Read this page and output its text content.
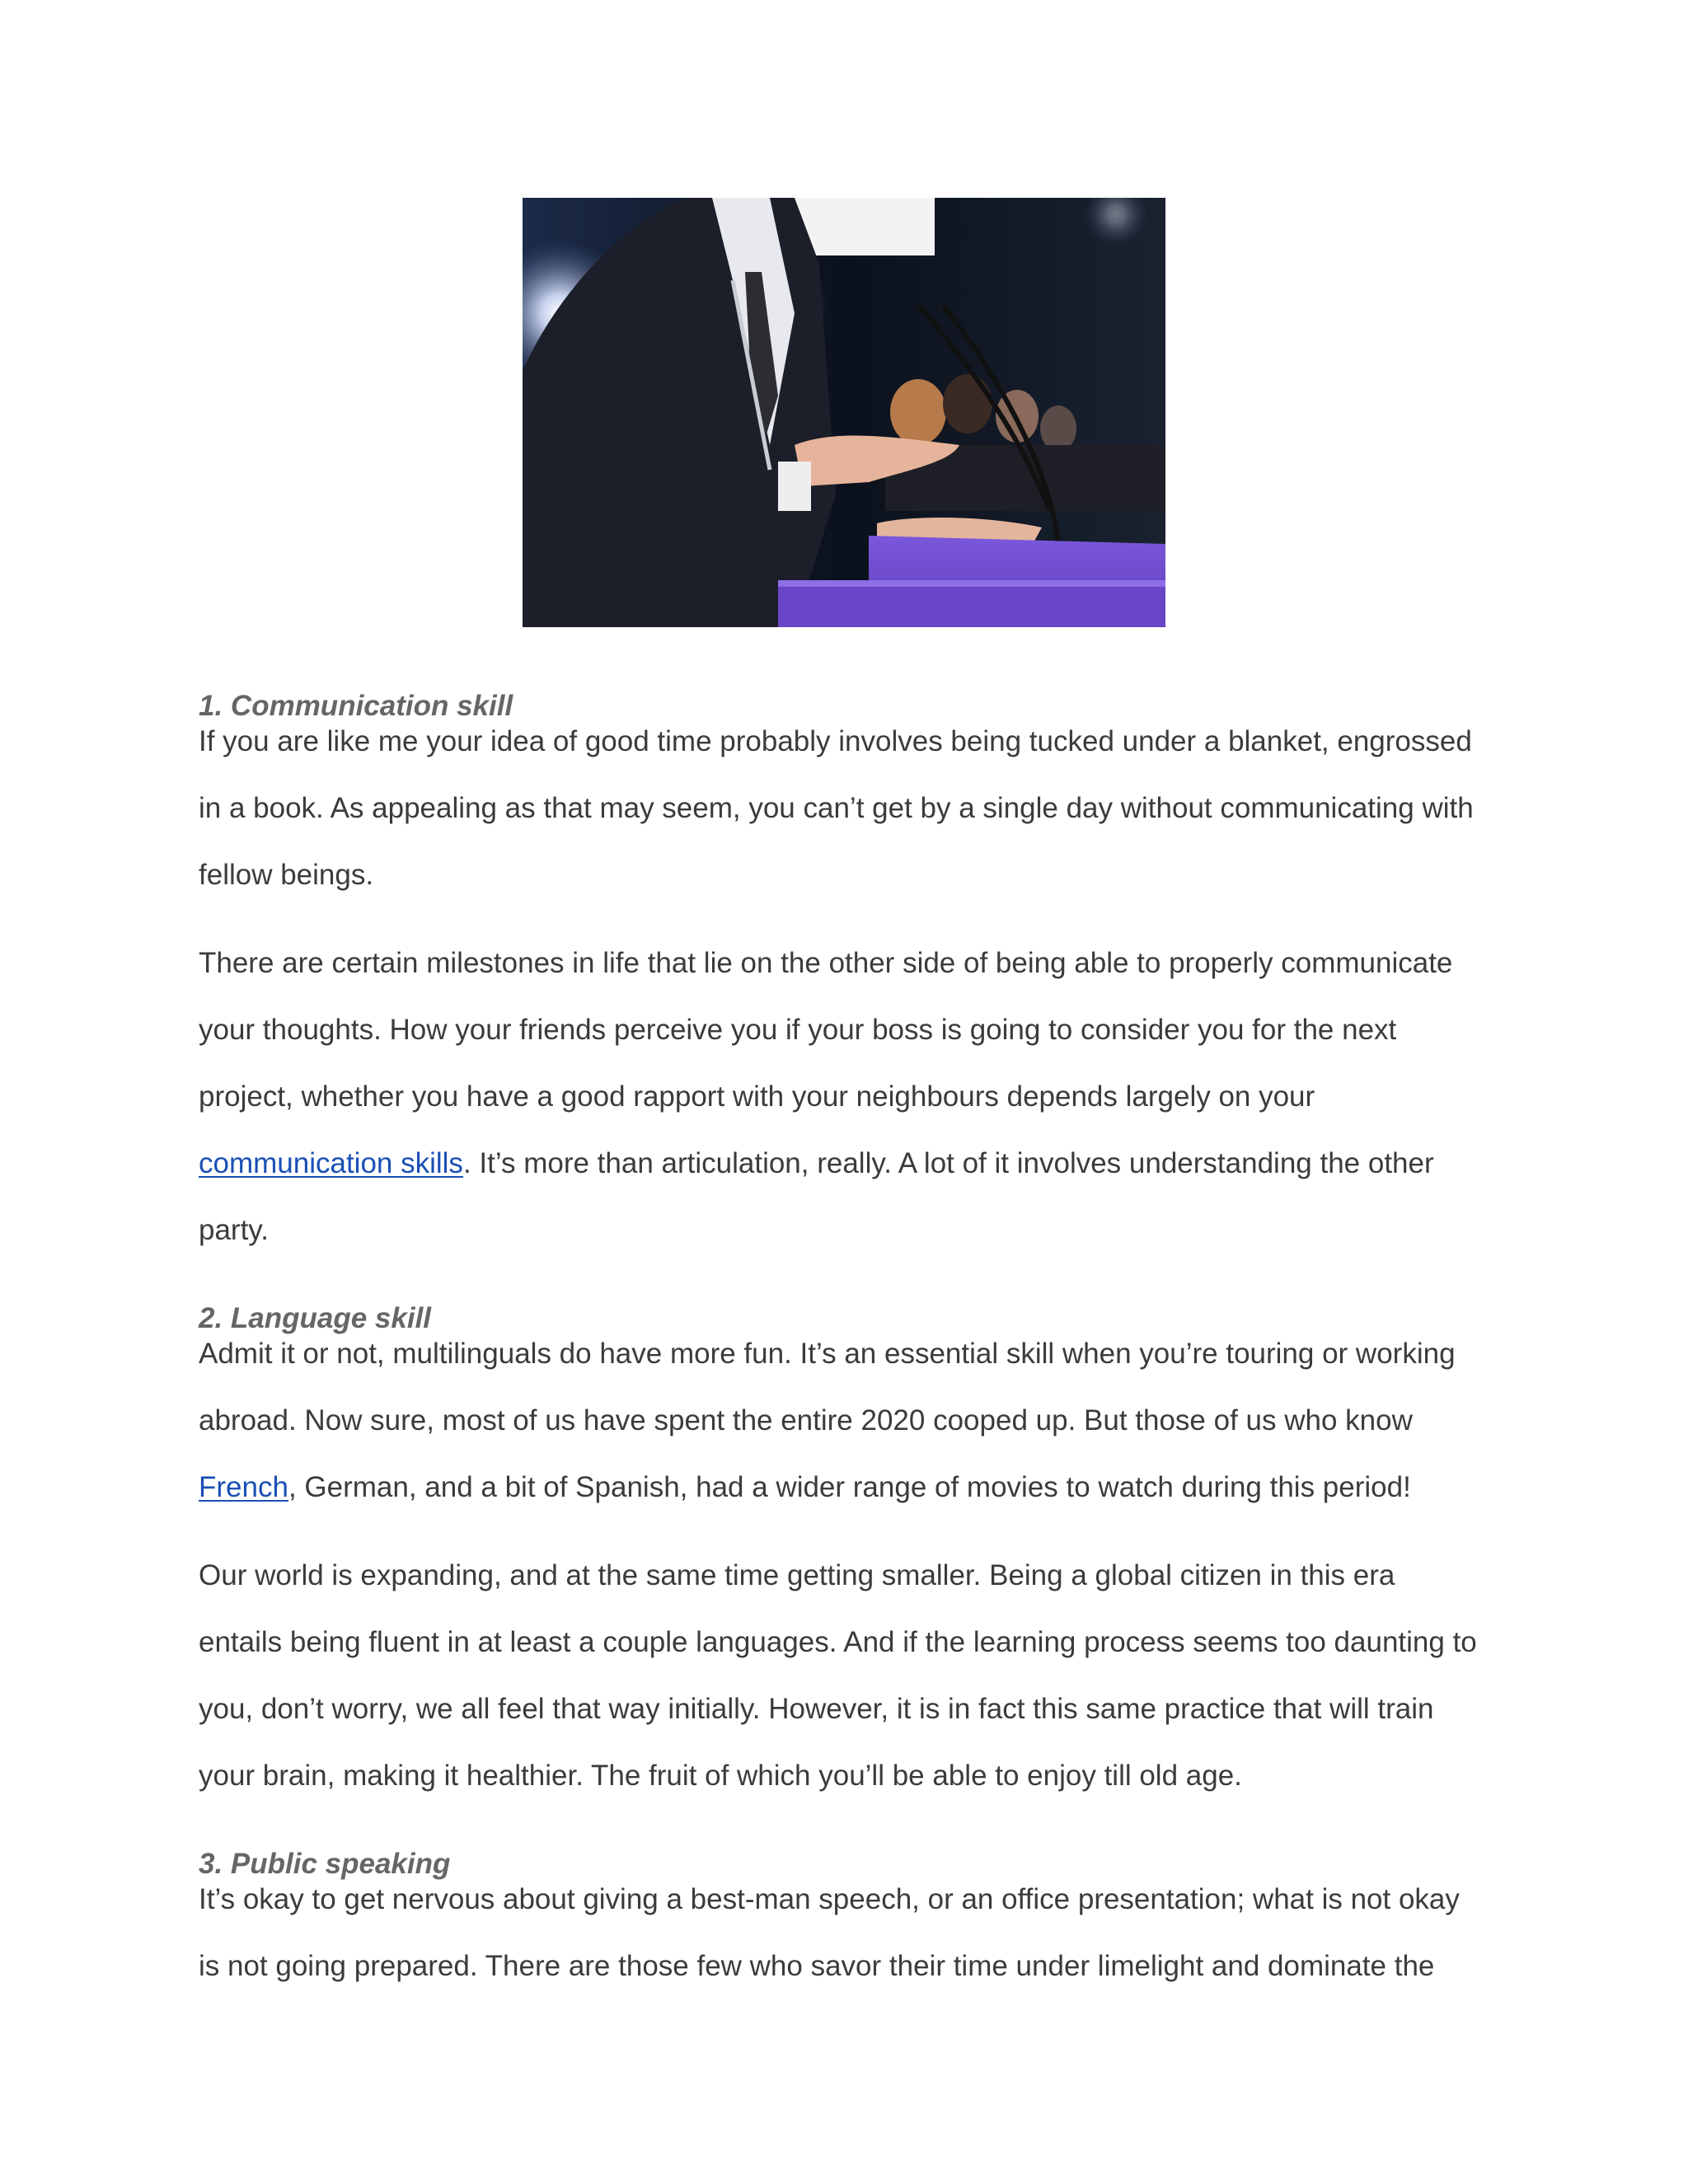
1. Communication skill

If you are like me your idea of good time probably involves being tucked under a blanket, engrossed

in a book. As appealing as that may seem, you can’t get by a single day without communicating with

fellow beings.

There are certain milestones in life that lie on the other side of being able to properly communicate

your thoughts. How your friends perceive you if your boss is going to consider you for the next

project, whether you have a good rapport with your neighbours depends largely on your

communication skills. It’s more than articulation, really. A lot of it involves understanding the other

party.

2. Language skill

Admit it or not, multilinguals do have more fun. It’s an essential skill when you’re touring or working

abroad. Now sure, most of us have spent the entire 2020 cooped up. But those of us who know

French, German, and a bit of Spanish, had a wider range of movies to watch during this period!

Our world is expanding, and at the same time getting smaller. Being a global citizen in this era

entails being fluent in at least a couple languages. And if the learning process seems too daunting to

you, don’t worry, we all feel that way initially. However, it is in fact this same practice that will train

your brain, making it healthier. The fruit of which you’ll be able to enjoy till old age.

3. Public speaking

It’s okay to get nervous about giving a best-man speech, or an office presentation; what is not okay

is not going prepared. There are those few who savor their time under limelight and dominate the
